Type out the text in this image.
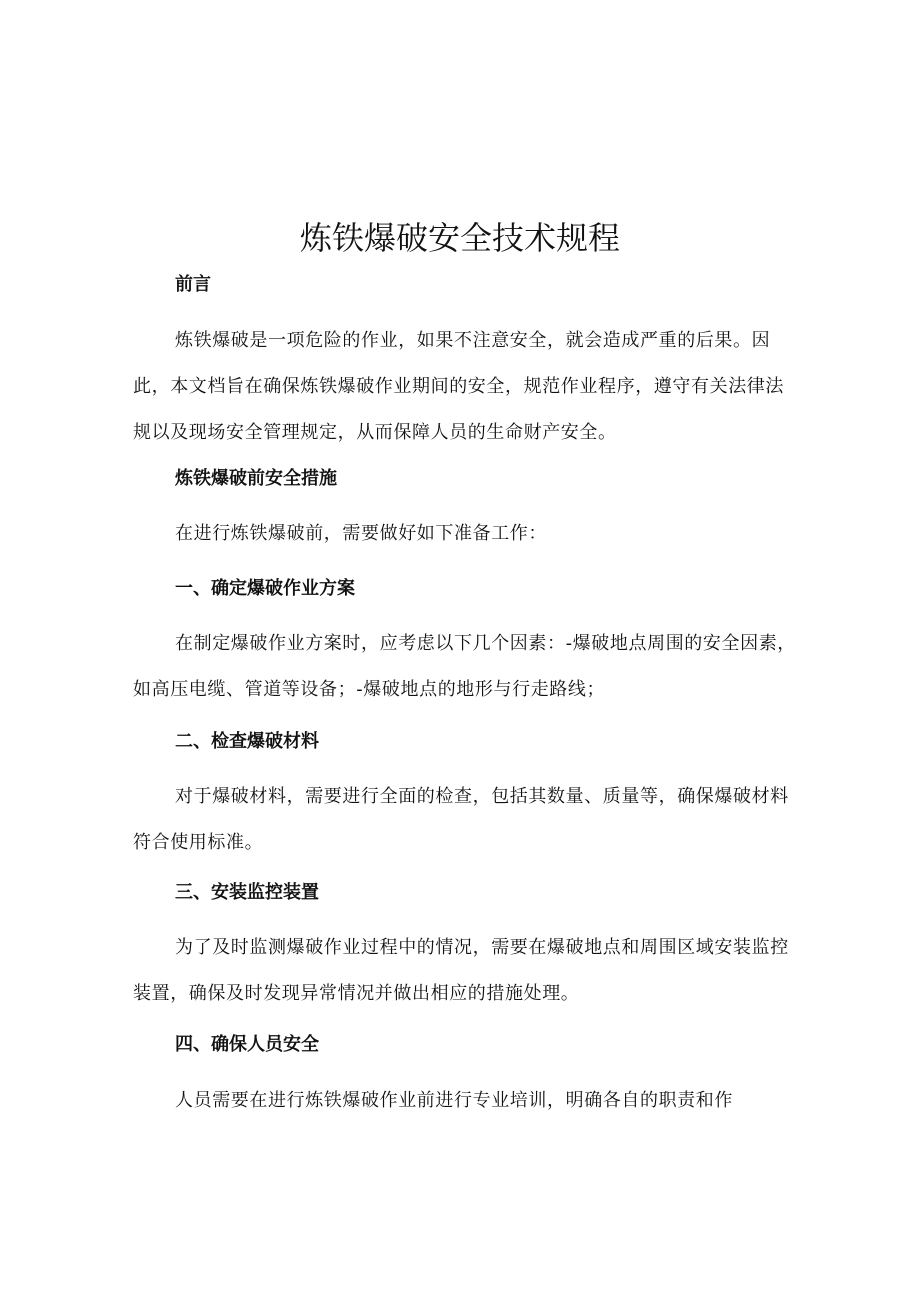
炼铁爆破安全技术规程
前言

炼铁爆破是一项危险的作业，如果不注意安全，就会造成严重的后果。因此，本文档旨在确保炼铁爆破作业期间的安全，规范作业程序，遵守有关法律法规以及现场安全管理规定，从而保障人员的生命财产安全。

炼铁爆破前安全措施

在进行炼铁爆破前，需要做好如下准备工作：

一、确定爆破作业方案

在制定爆破作业方案时，应考虑以下几个因素：-爆破地点周围的安全因素，如高压电缆、管道等设备；-爆破地点的地形与行走路线；

二、检查爆破材料

对于爆破材料，需要进行全面的检查，包括其数量、质量等，确保爆破材料符合使用标准。

三、安装监控装置

为了及时监测爆破作业过程中的情况，需要在爆破地点和周围区域安装监控装置，确保及时发现异常情况并做出相应的措施处理。

四、确保人员安全

人员需要在进行炼铁爆破作业前进行专业培训，明确各自的职责和作
